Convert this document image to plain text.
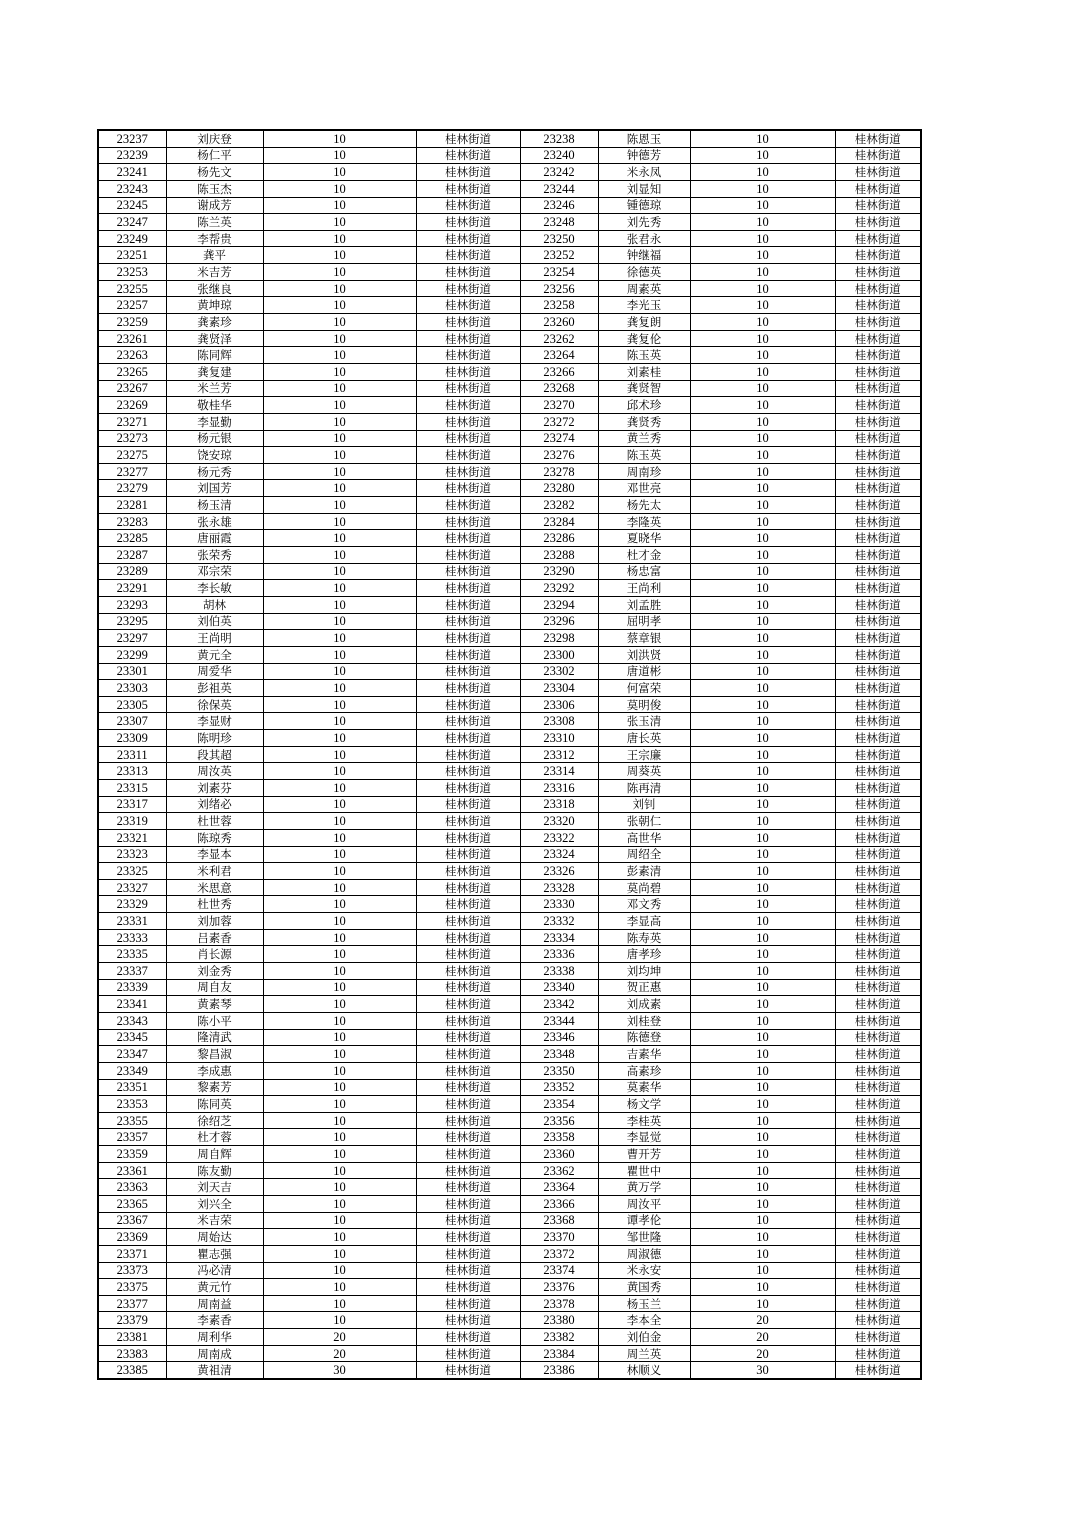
23237	刘庆登	10	桂林街道	23238	陈恩玉	10	桂林街道
23239	杨仁平	10	桂林街道	23240	钟德芳	10	桂林街道
23241	杨先文	10	桂林街道	23242	米永凤	10	桂林街道
23243	陈玉杰	10	桂林街道	23244	刘显知	10	桂林街道
23245	谢成芳	10	桂林街道	23246	锺德琼	10	桂林街道
23247	陈兰英	10	桂林街道	23248	刘先秀	10	桂林街道
23249	李帮贵	10	桂林街道	23250	张君永	10	桂林街道
23251	龚平	10	桂林街道	23252	钟继福	10	桂林街道
23253	米吉芳	10	桂林街道	23254	徐德英	10	桂林街道
23255	张继良	10	桂林街道	23256	周素英	10	桂林街道
23257	黄坤琼	10	桂林街道	23258	李光玉	10	桂林街道
23259	龚素珍	10	桂林街道	23260	龚复朗	10	桂林街道
23261	龚贤泽	10	桂林街道	23262	龚复伦	10	桂林街道
23263	陈同辉	10	桂林街道	23264	陈玉英	10	桂林街道
23265	龚复建	10	桂林街道	23266	刘素桂	10	桂林街道
23267	米兰芳	10	桂林街道	23268	龚贤智	10	桂林街道
23269	敬桂华	10	桂林街道	23270	邱术珍	10	桂林街道
23271	李显勤	10	桂林街道	23272	龚贤秀	10	桂林街道
23273	杨元银	10	桂林街道	23274	黄兰秀	10	桂林街道
23275	饶安琼	10	桂林街道	23276	陈玉英	10	桂林街道
23277	杨元秀	10	桂林街道	23278	周南珍	10	桂林街道
23279	刘国芳	10	桂林街道	23280	邓世亮	10	桂林街道
23281	杨玉清	10	桂林街道	23282	杨先太	10	桂林街道
23283	张永雄	10	桂林街道	23284	李隆英	10	桂林街道
23285	唐丽霞	10	桂林街道	23286	夏晓华	10	桂林街道
23287	张荣秀	10	桂林街道	23288	杜才金	10	桂林街道
23289	邓宗荣	10	桂林街道	23290	杨忠富	10	桂林街道
23291	李长敏	10	桂林街道	23292	王尚利	10	桂林街道
23293	胡林	10	桂林街道	23294	刘孟胜	10	桂林街道
23295	刘伯英	10	桂林街道	23296	屈明孝	10	桂林街道
23297	王尚明	10	桂林街道	23298	蔡章银	10	桂林街道
23299	黄元全	10	桂林街道	23300	刘洪贤	10	桂林街道
23301	周爱华	10	桂林街道	23302	唐道彬	10	桂林街道
23303	彭祖英	10	桂林街道	23304	何富荣	10	桂林街道
23305	徐保英	10	桂林街道	23306	莫明俊	10	桂林街道
23307	李显财	10	桂林街道	23308	张玉清	10	桂林街道
23309	陈明珍	10	桂林街道	23310	唐长英	10	桂林街道
23311	段其超	10	桂林街道	23312	王宗廉	10	桂林街道
23313	周汝英	10	桂林街道	23314	周葵英	10	桂林街道
23315	刘素芬	10	桂林街道	23316	陈再清	10	桂林街道
23317	刘绪必	10	桂林街道	23318	刘钊	10	桂林街道
23319	杜世蓉	10	桂林街道	23320	张朝仁	10	桂林街道
23321	陈琼秀	10	桂林街道	23322	高世华	10	桂林街道
23323	李显本	10	桂林街道	23324	周绍全	10	桂林街道
23325	米利君	10	桂林街道	23326	彭素清	10	桂林街道
23327	米思意	10	桂林街道	23328	莫尚碧	10	桂林街道
23329	杜世秀	10	桂林街道	23330	邓文秀	10	桂林街道
23331	刘加蓉	10	桂林街道	23332	李显高	10	桂林街道
23333	吕素香	10	桂林街道	23334	陈寿英	10	桂林街道
23335	肖长源	10	桂林街道	23336	唐孝珍	10	桂林街道
23337	刘金秀	10	桂林街道	23338	刘均坤	10	桂林街道
23339	周自友	10	桂林街道	23340	贺正惠	10	桂林街道
23341	黄素琴	10	桂林街道	23342	刘成素	10	桂林街道
23343	陈小平	10	桂林街道	23344	刘桂登	10	桂林街道
23345	隆清武	10	桂林街道	23346	陈德登	10	桂林街道
23347	黎昌淑	10	桂林街道	23348	吉素华	10	桂林街道
23349	李成惠	10	桂林街道	23350	高素珍	10	桂林街道
23351	黎素芳	10	桂林街道	23352	莫素华	10	桂林街道
23353	陈同英	10	桂林街道	23354	杨文学	10	桂林街道
23355	徐绍芝	10	桂林街道	23356	李桂英	10	桂林街道
23357	杜才蓉	10	桂林街道	23358	李显觉	10	桂林街道
23359	周自辉	10	桂林街道	23360	曹开芳	10	桂林街道
23361	陈友勤	10	桂林街道	23362	瞿世中	10	桂林街道
23363	刘天吉	10	桂林街道	23364	黄万学	10	桂林街道
23365	刘兴全	10	桂林街道	23366	周汝平	10	桂林街道
23367	米吉荣	10	桂林街道	23368	谭孝伦	10	桂林街道
23369	周始达	10	桂林街道	23370	邹世隆	10	桂林街道
23371	瞿志强	10	桂林街道	23372	周淑德	10	桂林街道
23373	冯必清	10	桂林街道	23374	米永安	10	桂林街道
23375	黄元竹	10	桂林街道	23376	黄国秀	10	桂林街道
23377	周南益	10	桂林街道	23378	杨玉兰	10	桂林街道
23379	李素香	10	桂林街道	23380	李本全	20	桂林街道
23381	周利华	20	桂林街道	23382	刘伯金	20	桂林街道
23383	周南成	20	桂林街道	23384	周兰英	20	桂林街道
23385	黄祖清	30	桂林街道	23386	林顺义	30	桂林街道
